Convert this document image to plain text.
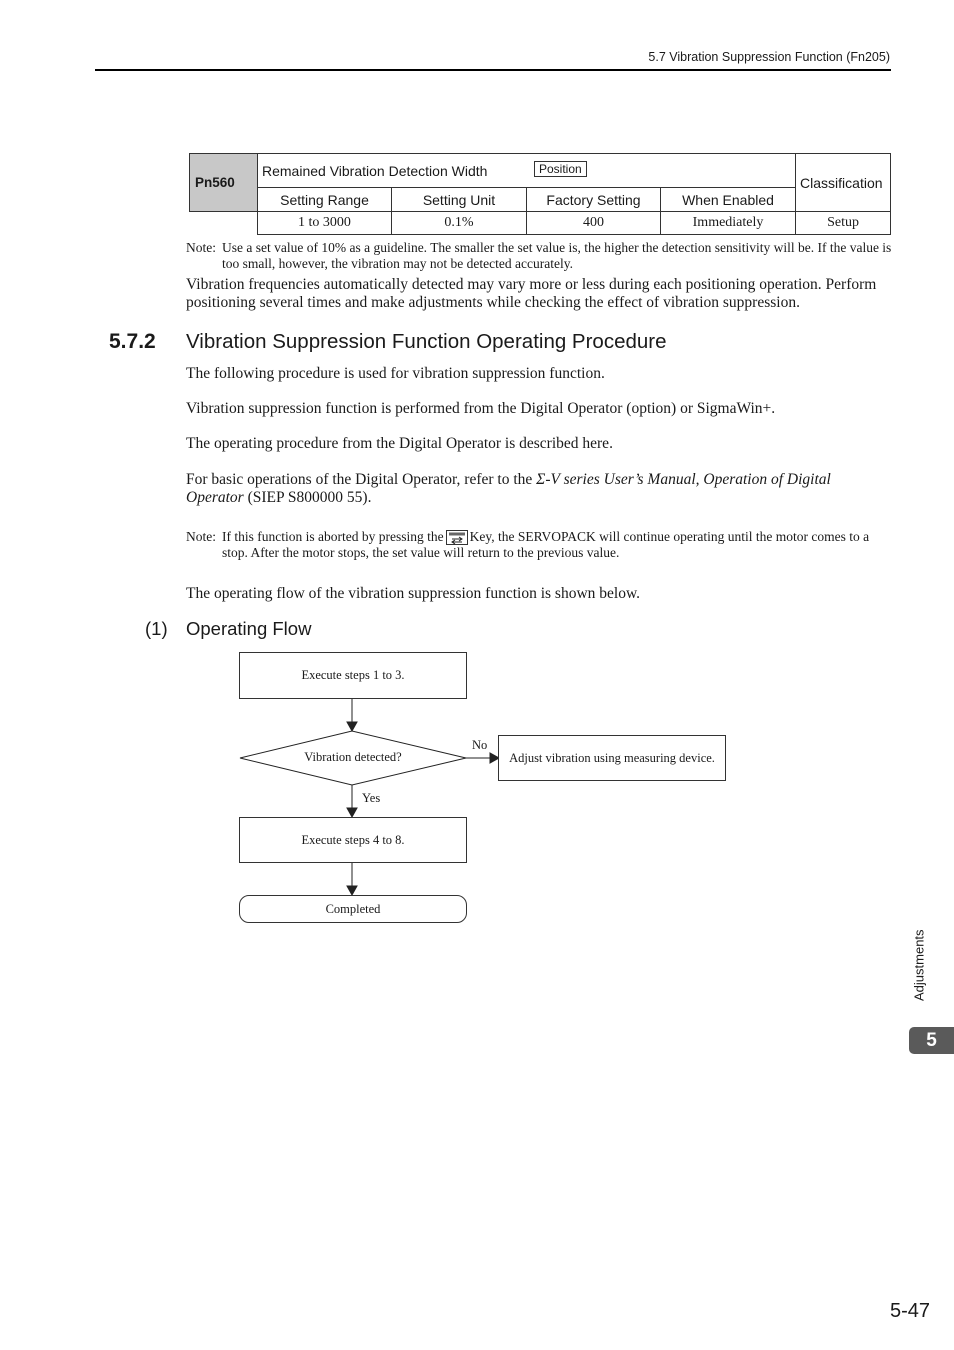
5.7 Vibration Suppression Function (Fn205)
Pn560	Remained Vibration Detection Width Position				Classification
	Setting Range	Setting Unit	Factory Setting	When Enabled	
	1 to 3000	0.1%	400	Immediately	Setup
Note: Use a set value of 10% as a guideline. The smaller the set value is, the higher the detection sensitivity will be. If the value is too small, however, the vibration may not be detected accurately.
Vibration frequencies automatically detected may vary more or less during each positioning operation. Perform positioning several times and make adjustments while checking the effect of vibration suppression.
5.7.2 Vibration Suppression Function Operating Procedure
The following procedure is used for vibration suppression function.
Vibration suppression function is performed from the Digital Operator (option) or SigmaWin+.
The operating procedure from the Digital Operator is described here.
For basic operations of the Digital Operator, refer to the Σ-V series User’s Manual, Operation of Digital Operator (SIEP S800000 55).
Note: If this function is aborted by pressing the Key, the SERVOPACK will continue operating until the motor comes to a stop. After the motor stops, the set value will return to the previous value.
The operating flow of the vibration suppression function is shown below.
(1) Operating Flow
Execute steps 1 to 3.
Vibration detected?
No
Adjust vibration using measuring device.
Yes
Execute steps 4 to 8.
Completed
Adjustments
5
5-47
